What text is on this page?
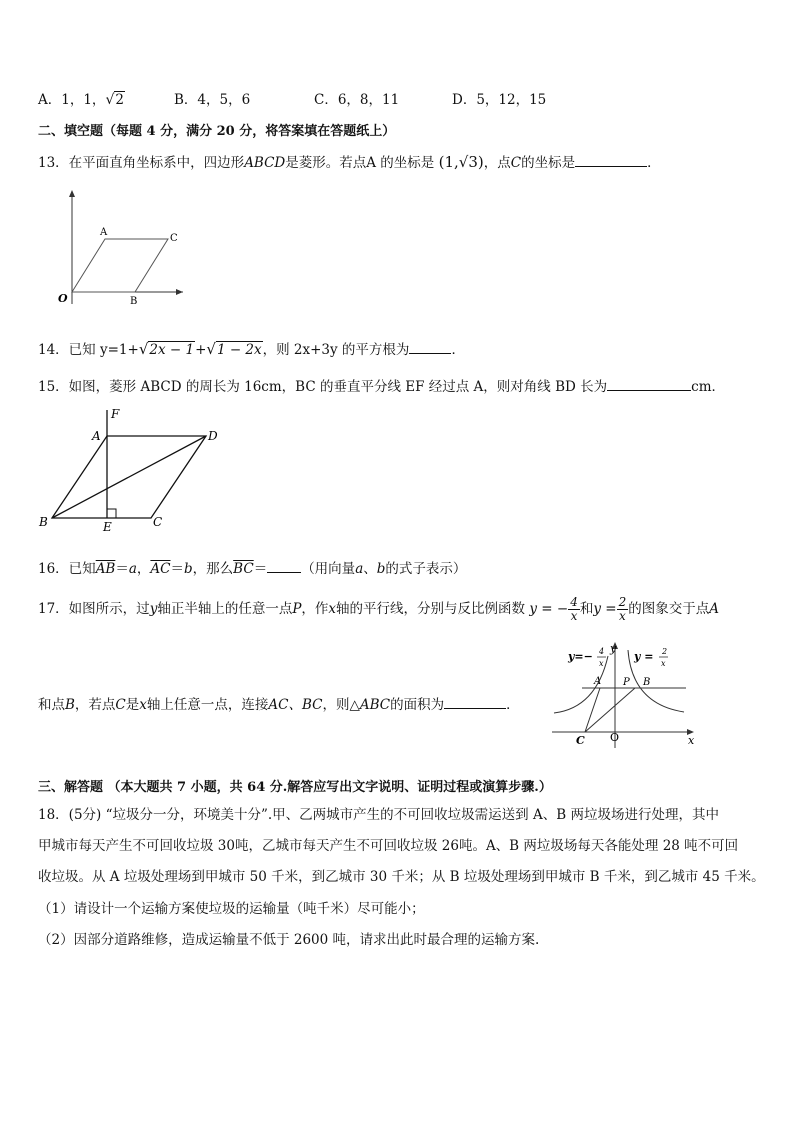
A．1，1，√2	B．4，5，6	C．6，8，11	D．5，12，15
二、填空题（每题 4 分，满分 20 分，将答案填在答题纸上）
13．在平面直角坐标系中，四边形ABCD是菱形。若点A 的坐标是 (1,√3)，点C的坐标是	．
O
A
C
B
14．已知 y=1+√2x − 1+√1 − 2x，则 2x+3y 的平方根为	．
15．如图，菱形 ABCD 的周长为 16cm，BC 的垂直平分线 EF 经过点 A，则对角线 BD 长为	cm．
F
A	D
B	E	C
16．已知$\overline{AB}=a$，$\overline{AC}=b$，那么$\overline{BC}=$	（用向量a、b的式子表示）
17．如图所示，过y轴正半轴上的任意一点P，作x轴的平行线，分别与反比例函数 y = − $\frac{4}{x}$ 和$y = \frac{2}{x}$ 的图象交于点A
和点B，若点C是x轴上任意一点，连接AC、BC，则△ABC的面积为	．
y=− 4
x
y = 2
x
y
x
O
A P B
C
三、解答题 （本大题共 7 小题，共 64 分.解答应写出文字说明、证明过程或演算步骤.）
18．(5分) “垃圾分一分，环境美十分”.甲、乙两城市产生的不可回收垃圾需运送到 A、B 两垃圾场进行处理，其中
甲城市每天产生不可回收垃圾 30吨，乙城市每天产生不可回收垃圾 26吨。A、B 两垃圾场每天各能处理 28 吨不可回
收垃圾。从 A 垃圾处理场到甲城市 50 千米，到乙城市 30 千米；从 B 垃圾处理场到甲城市 B 千米，到乙城市 45 千米。
（1）请设计一个运输方案使垃圾的运输量（吨千米）尽可能小；
（2）因部分道路维修，造成运输量不低于 2600 吨，请求出此时最合理的运输方案.
